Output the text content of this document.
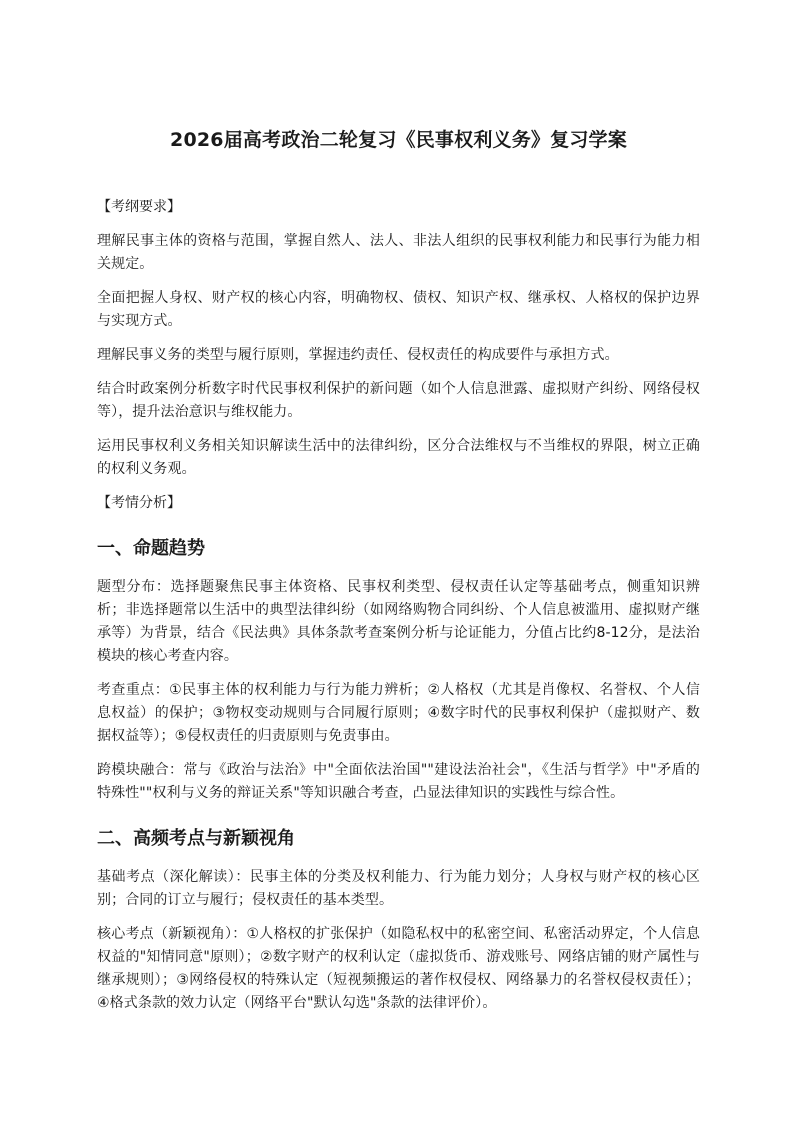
2026届高考政治二轮复习《民事权利义务》复习学案
【考纲要求】

理解民事主体的资格与范围，掌握自然人、法人、非法人组织的民事权利能力和民事行为能力相关规定。

全面把握人身权、财产权的核心内容，明确物权、债权、知识产权、继承权、人格权的保护边界与实现方式。

理解民事义务的类型与履行原则，掌握违约责任、侵权责任的构成要件与承担方式。

结合时政案例分析数字时代民事权利保护的新问题（如个人信息泄露、虚拟财产纠纷、网络侵权等），提升法治意识与维权能力。

运用民事权利义务相关知识解读生活中的法律纠纷，区分合法维权与不当维权的界限，树立正确的权利义务观。

【考情分析】
一、命题趋势

题型分布：选择题聚焦民事主体资格、民事权利类型、侵权责任认定等基础考点，侧重知识辨析；非选择题常以生活中的典型法律纠纷（如网络购物合同纠纷、个人信息被滥用、虚拟财产继承等）为背景，结合《民法典》具体条款考查案例分析与论证能力，分值占比约8-12分，是法治模块的核心考查内容。

考查重点：①民事主体的权利能力与行为能力辨析；②人格权（尤其是肖像权、名誉权、个人信息权益）的保护；③物权变动规则与合同履行原则；④数字时代的民事权利保护（虚拟财产、数据权益等）；⑤侵权责任的归责原则与免责事由。

跨模块融合：常与《政治与法治》中"全面依法治国""建设法治社会"，《生活与哲学》中"矛盾的特殊性""权利与义务的辩证关系"等知识融合考查，凸显法律知识的实践性与综合性。

二、高频考点与新颖视角

基础考点（深化解读）：民事主体的分类及权利能力、行为能力划分；人身权与财产权的核心区别；合同的订立与履行；侵权责任的基本类型。

核心考点（新颖视角）：①人格权的扩张保护（如隐私权中的私密空间、私密活动界定，个人信息权益的"知情同意"原则）；②数字财产的权利认定（虚拟货币、游戏账号、网络店铺的财产属性与继承规则）；③网络侵权的特殊认定（短视频搬运的著作权侵权、网络暴力的名誉权侵权责任）；④格式条款的效力认定（网络平台"默认勾选"条款的法律评价）。
